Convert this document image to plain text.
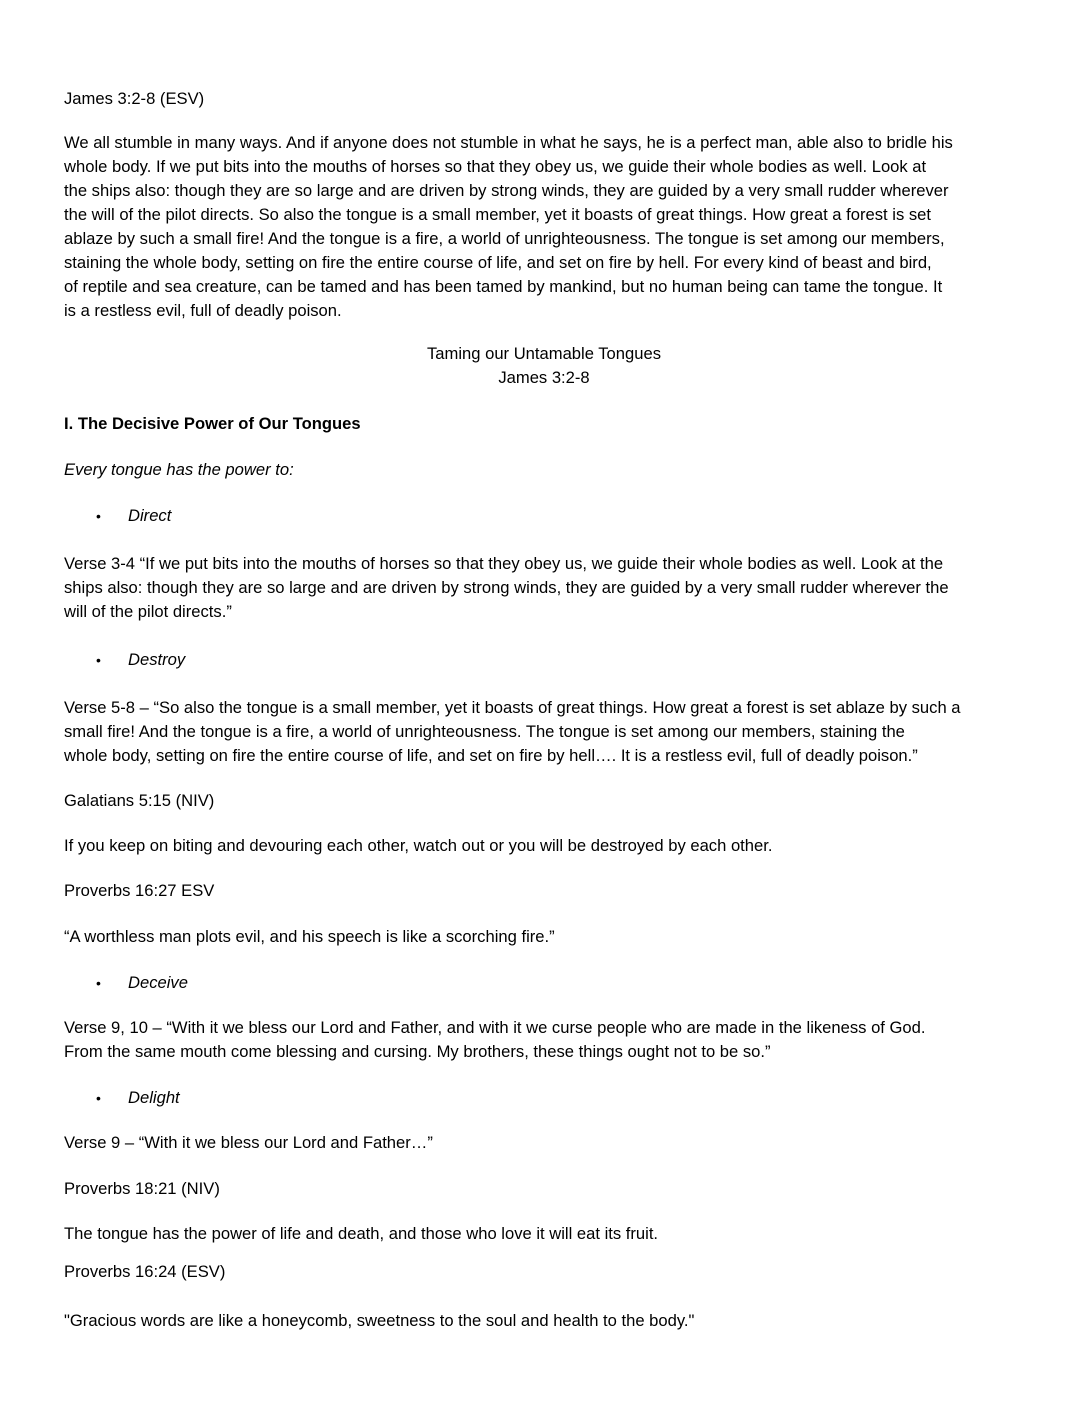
James 3:2-8 (ESV)

We all stumble in many ways. And if anyone does not stumble in what he says, he is a perfect man, able also to bridle his
whole body. If we put bits into the mouths of horses so that they obey us, we guide their whole bodies as well. Look at
the ships also: though they are so large and are driven by strong winds, they are guided by a very small rudder wherever
the will of the pilot directs. So also the tongue is a small member, yet it boasts of great things. How great a forest is set
ablaze by such a small fire! And the tongue is a fire, a world of unrighteousness. The tongue is set among our members,
staining the whole body, setting on fire the entire course of life, and set on fire by hell. For every kind of beast and bird,
of reptile and sea creature, can be tamed and has been tamed by mankind, but no human being can tame the tongue. It
is a restless evil, full of deadly poison.
Taming our Untamable Tongues
James 3:2-8

I. The Decisive Power of Our Tongues

Every tongue has the power to:

• Direct
Verse 3-4 “If we put bits into the mouths of horses so that they obey us, we guide their whole bodies as well. Look at the
ships also: though they are so large and are driven by strong winds, they are guided by a very small rudder wherever the
will of the pilot directs.”
• Destroy
Verse 5-8 – “So also the tongue is a small member, yet it boasts of great things. How great a forest is set ablaze by such a
small fire! And the tongue is a fire, a world of unrighteousness. The tongue is set among our members, staining the
whole body, setting on fire the entire course of life, and set on fire by hell…. It is a restless evil, full of deadly poison.”

Galatians 5:15 (NIV)

If you keep on biting and devouring each other, watch out or you will be destroyed by each other.

Proverbs 16:27 ESV

“A worthless man plots evil, and his speech is like a scorching fire.”

• Deceive
Verse 9, 10 – “With it we bless our Lord and Father, and with it we curse people who are made in the likeness of God.
From the same mouth come blessing and cursing. My brothers, these things ought not to be so.”
• Delight

Verse 9 – “With it we bless our Lord and Father…”

Proverbs 18:21 (NIV)

The tongue has the power of life and death, and those who love it will eat its fruit.

Proverbs 16:24 (ESV)

"Gracious words are like a honeycomb, sweetness to the soul and health to the body."
